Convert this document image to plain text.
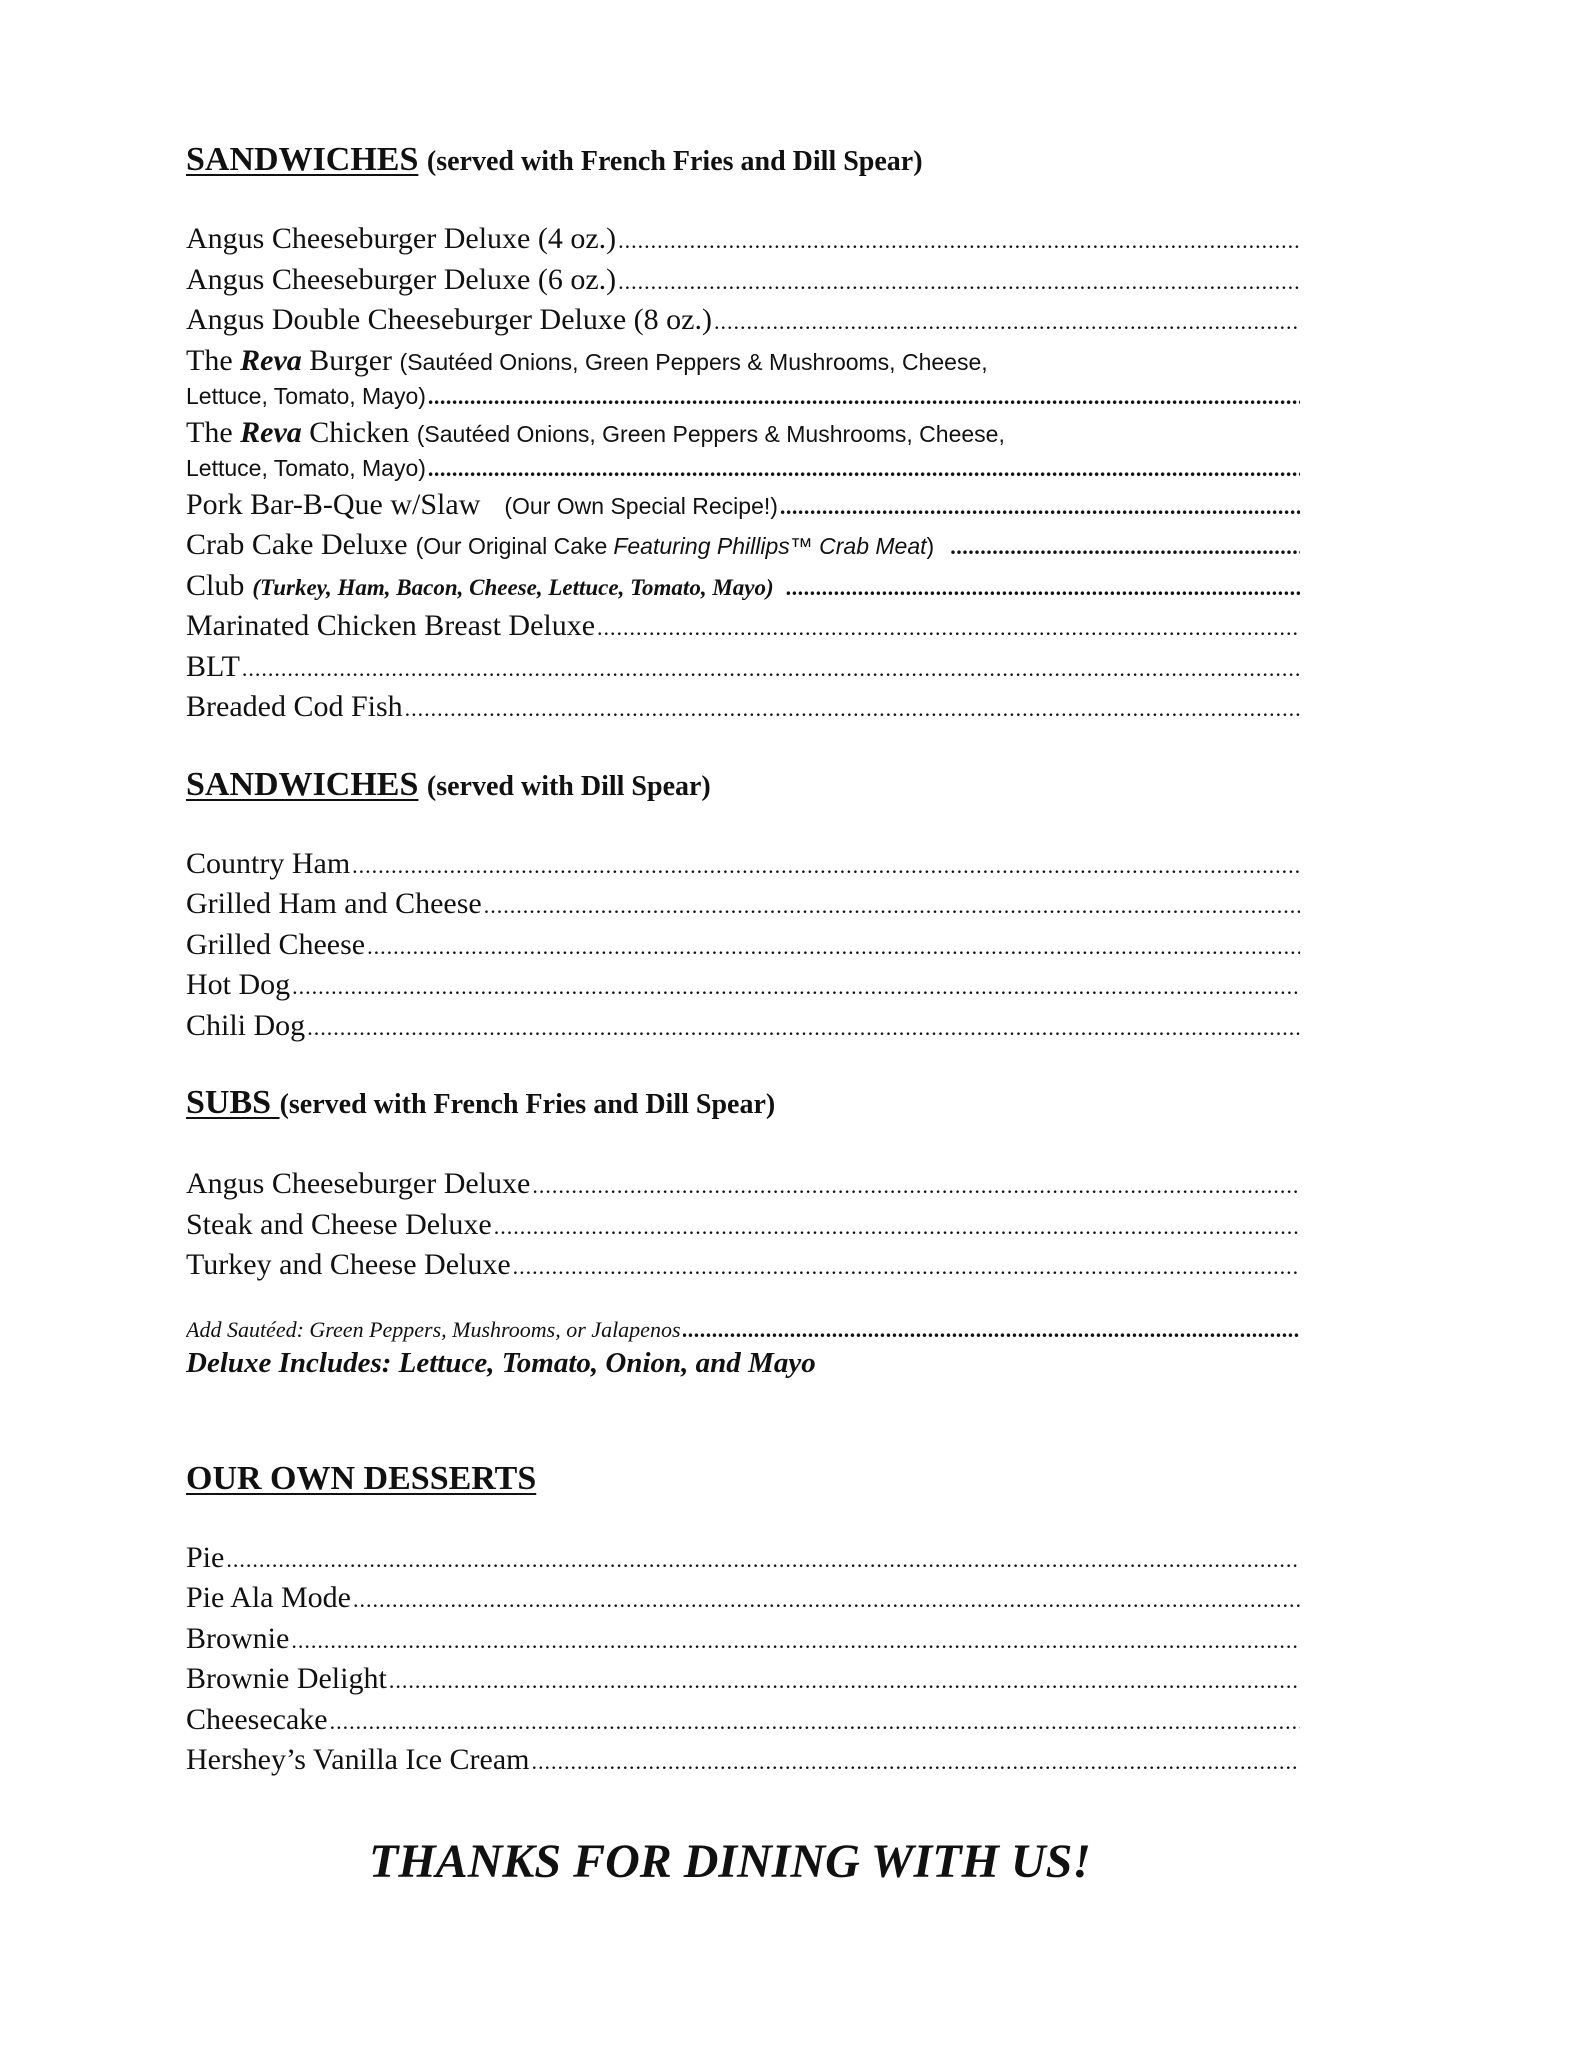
SANDWICHES (served with French Fries and Dill Spear)
Angus Cheeseburger Deluxe (4 oz.)
.....
Angus Cheeseburger Deluxe (6 oz.)
.....
Angus Double Cheeseburger Deluxe (8 oz.)
.....
The Reva Burger (Sautéed Onions, Green Peppers & Mushrooms, Cheese,
Lettuce, Tomato, Mayo)
.....
The Reva Chicken (Sautéed Onions, Green Peppers & Mushrooms, Cheese,
Lettuce, Tomato, Mayo)
.....
Pork Bar-B-Que w/Slaw (Our Own Special Recipe!)
.....
Crab Cake Deluxe (Our Original Cake Featuring Phillips™ Crab Meat )
.....
Club (Turkey, Ham, Bacon, Cheese, Lettuce, Tomato, Mayo)
.....
Marinated Chicken Breast Deluxe
.....
BLT
.....
Breaded Cod Fish
.....
SANDWICHES (served with Dill Spear)
Country Ham
.....
Grilled Ham and Cheese
.....
Grilled Cheese
.....
Hot Dog
.....
Chili Dog
.....
SUBS (served with French Fries and Dill Spear)
Angus Cheeseburger Deluxe
.....
Steak and Cheese Deluxe
.....
Turkey and Cheese Deluxe
.....
Add Sautéed: Green Peppers, Mushrooms, or Jalapenos
.....

Deluxe Includes: Lettuce, Tomato, Onion, and Mayo

OUR OWN DESSERTS
Pie
.....
Pie Ala Mode
.....
Brownie
.....
Brownie Delight
.....
Cheesecake
.....
Hershey’s Vanilla Ice Cream
.....

THANKS FOR DINING WITH US!
